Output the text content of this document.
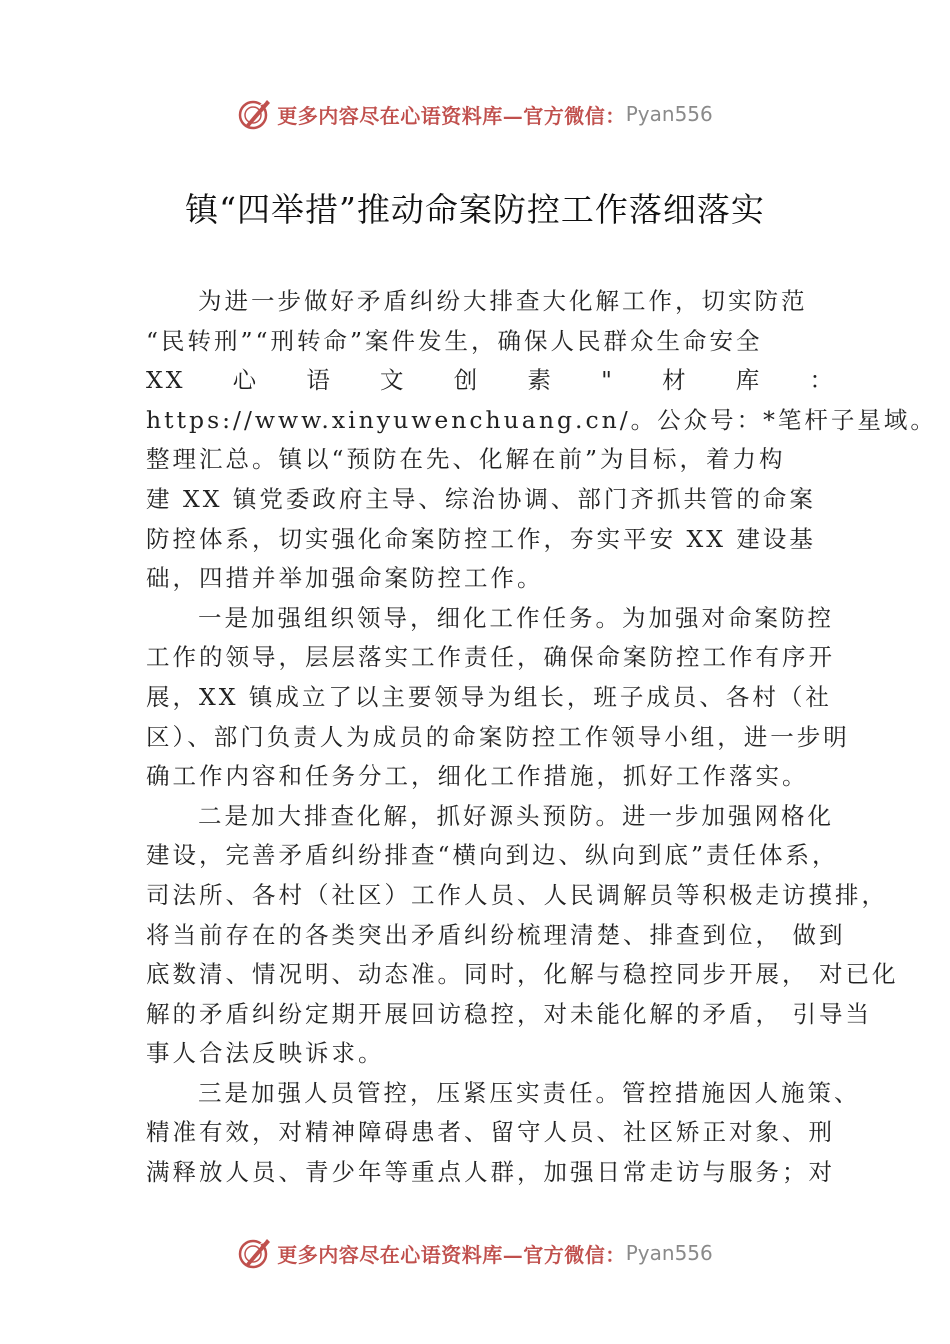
更多内容尽在心语资料库—官方微信： Pyan556
镇“四举措”推动命案防控工作落细落实
为进一步做好矛盾纠纷大排查大化解工作，切实防范
“民转刑”“刑转命”案件发生，确保人民群众生命安全
XX 心 语 文 创 素 " 材 库 ：
https://www.xinyuwenchuang.cn/。公众号：*笔杆子星域。
整理汇总。镇以“预防在先、化解在前”为目标，着力构
建 XX 镇党委政府主导、综治协调、部门齐抓共管的命案
防控体系，切实强化命案防控工作，夯实平安 XX 建设基
础，四措并举加强命案防控工作。
一是加强组织领导，细化工作任务。为加强对命案防控
工作的领导，层层落实工作责任，确保命案防控工作有序开
展，XX 镇成立了以主要领导为组长，班子成员、各村（社
区）、部门负责人为成员的命案防控工作领导小组，进一步明
确工作内容和任务分工，细化工作措施，抓好工作落实。
二是加大排查化解，抓好源头预防。进一步加强网格化
建设，完善矛盾纠纷排查“横向到边、纵向到底”责任体系，
司法所、各村（社区）工作人员、人民调解员等积极走访摸排，
将当前存在的各类突出矛盾纠纷梳理清楚、排查到位， 做到
底数清、情况明、动态准。同时，化解与稳控同步开展， 对已化
解的矛盾纠纷定期开展回访稳控，对未能化解的矛盾， 引导当
事人合法反映诉求。
三是加强人员管控，压紧压实责任。管控措施因人施策、
精准有效，对精神障碍患者、留守人员、社区矫正对象、刑
满释放人员、青少年等重点人群，加强日常走访与服务；对
更多内容尽在心语资料库—官方微信： Pyan556
